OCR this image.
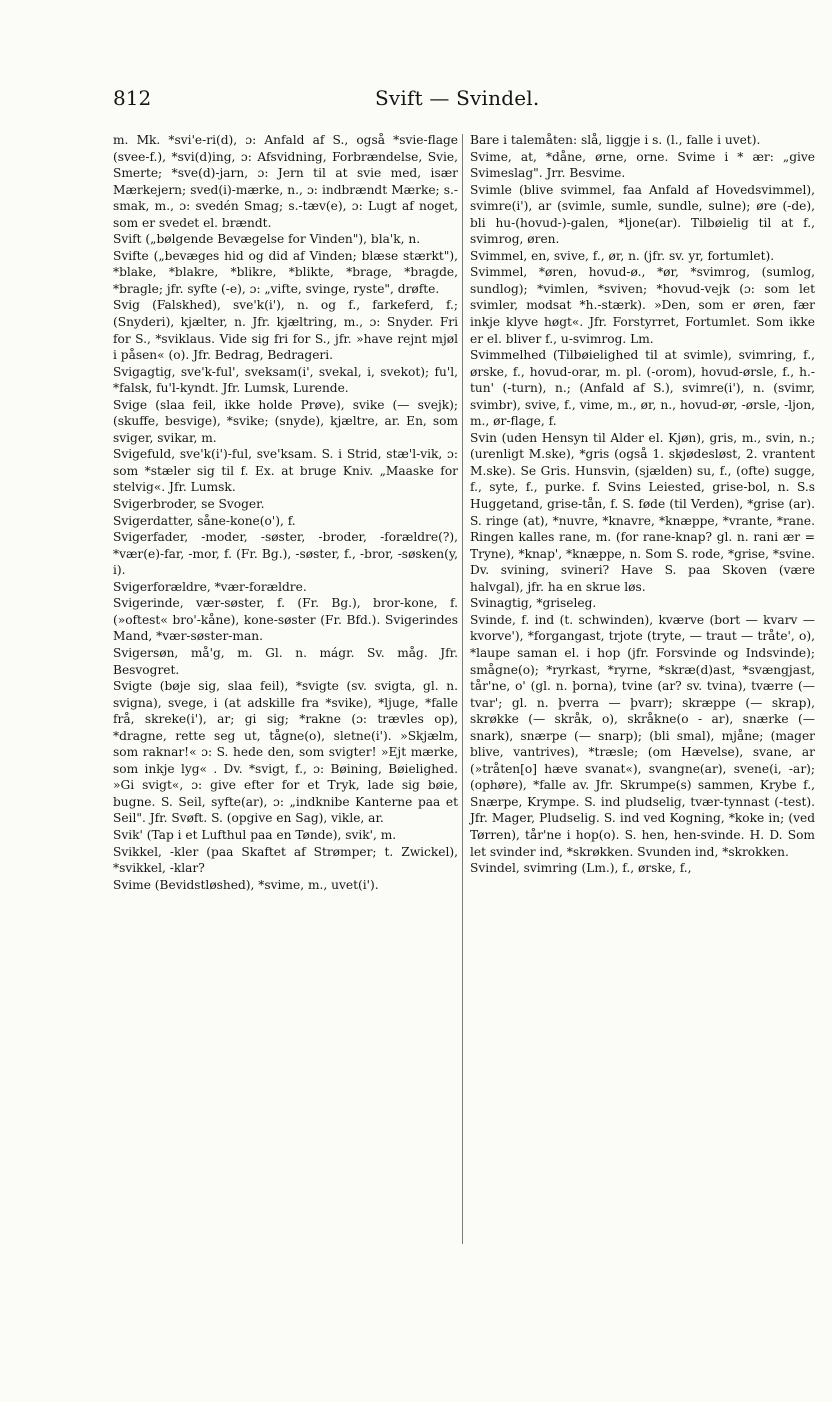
812	Svift — Svindel.

m. Mk. *svi'e-ri(d), ɔ: Anfald af S., også *svie-flage (svee-f.), *svi(d)ing, ɔ: Afsvidning, Forbrændelse, Svie, Smerte; *sve(d)-jarn, ɔ: Jern til at svie med, især Mærkejern; sved(i)-mærke, n., ɔ: indbrændt Mærke; s.-smak, m., ɔ: svedén Smag; s.-tæv(e), ɔ: Lugt af noget, som er svedet el. brændt.

Svift („bølgende Bevægelse for Vinden"), bla'k, n.

Svifte („bevæges hid og did af Vinden; blæse stærkt"), *blake, *blakre, *blikre, *blikte, *brage, *bragde, *bragle; jfr. syfte (-e), ɔ: „vifte, svinge, ryste", drøfte.

Svig (Falskhed), sve'k(i'), n. og f., farkeferd, f.; (Snyderi), kjælter, n. Jfr. kjæltring, m., ɔ: Snyder. Fri for S., *sviklaus. Vide sig fri for S., jfr. »have rejnt mjøl i påsen« (o). Jfr. Bedrag, Bedrageri.

Svigagtig, sve'k-ful', sveksam(i', svekal, i, svekot); fu'l, *falsk, fu'l-kyndt. Jfr. Lumsk, Lurende.

Svige (slaa feil, ikke holde Prøve), svike (— svejk); (skuffe, besvige), *svike; (snyde), kjæltre, ar. En, som sviger, svikar, m.

Svigefuld, sve'k(i')-ful, sve'ksam. S. i Strid, stæ'l-vik, ɔ: som *stæler sig til f. Ex. at bruge Kniv. „Maaske for stelvig«. Jfr. Lumsk.

Svigerbroder, se Svoger.

Svigerdatter, såne-kone(o'), f.

Svigerfader, -moder, -søster, -broder, -forældre(?), *vær(e)-far, -mor, f. (Fr. Bg.), -søster, f., -bror, -søsken(y, i).

Svigerforældre, *vær-forældre.

Svigerinde, vær-søster, f. (Fr. Bg.), bror-kone, f. (»oftest« bro'-kåne), kone-søster (Fr. Bfd.). Svigerindes Mand, *vær-søster-man.

Svigersøn, må'g, m. Gl. n. mágr. Sv. måg. Jfr. Besvogret.

Svigte (bøje sig, slaa feil), *svigte (sv. svigta, gl. n. svigna), svege, i (at adskille fra *svike), *ljuge, *falle frå, skreke(i'), ar; gi sig; *rakne (ɔ: trævles op), *dragne, rette seg ut, tågne(o), sletne(i'). »Skjælm, som raknar!« ɔ: S. hede den, som svigter! »Ejt mærke, som inkje lyg« . Dv. *svigt, f., ɔ: Bøining, Bøielighed. »Gi svigt«, ɔ: give efter for et Tryk, lade sig bøie, bugne. S. Seil, syfte(ar), ɔ: „indknibe Kanterne paa et Seil". Jfr. Svøft. S. (opgive en Sag), vikle, ar.

Svik' (Tap i et Lufthul paa en Tønde), svik', m.

Svikkel, -kler (paa Skaftet af Strømper; t. Zwickel), *svikkel, -klar?

Svime (Bevidstløshed), *svime, m., uvet(i').

Bare i talemåten: slå, liggje i s. (l., falle i uvet).

Svime, at, *dåne, ørne, orne. Svime i * ær: „give Svimeslag". Jrr. Besvime.

Svimle (blive svimmel, faa Anfald af Hovedsvimmel), svimre(i'), ar (svimle, sumle, sundle, sulne); øre (-de), bli hu-(hovud-)-galen, *ljone(ar). Tilbøielig til at f., svimrog, øren.

Svimmel, en, svive, f., ør, n. (jfr. sv. yr, fortumlet).

Svimmel, *øren, hovud-ø., *ør, *svimrog, (sumlog, sundlog); *vimlen, *sviven; *hovud-vejk (ɔ: som let svimler, modsat *h.-stærk). »Den, som er øren, fær inkje klyve høgt«. Jfr. Forstyrret, Fortumlet. Som ikke er el. bliver f., u-svimrog. Lm.

Svimmelhed (Tilbøielighed til at svimle), svimring, f., ørske, f., hovud-orar, m. pl. (-orom), hovud-ørsle, f., h.-tun' (-turn), n.; (Anfald af S.), svimre(i'), n. (svimr, svimbr), svive, f., vime, m., ør, n., hovud-ør, -ørsle, -ljon, m., ør-flage, f.

Svin (uden Hensyn til Alder el. Kjøn), gris, m., svin, n.; (urenligt M.ske), *gris (også 1. skjødesløst, 2. vrantent M.ske). Se Gris. Hunsvin, (sjælden) su, f., (ofte) sugge, f., syte, f., purke. f. Svins Leiested, grise-bol, n. S.s Huggetand, grise-tån, f. S. føde (til Verden), *grise (ar). S. ringe (at), *nuvre, *knavre, *knæppe, *vrante, *rane. Ringen kalles rane, m. (for rane-knap? gl. n. rani ær = Tryne), *knap', *knæppe, n. Som S. rode, *grise, *svine. Dv. svining, svineri? Have S. paa Skoven (være halvgal), jfr. ha en skrue løs.

Svinagtig, *griseleg.

Svinde, f. ind (t. schwinden), kværve (bort — kvarv — kvorve'), *forgangast, trjote (tryte, — traut — tråte', o), *laupe saman el. i hop (jfr. Forsvinde og Indsvinde); smågne(o); *ryrkast, *ryrne, *skræ(d)ast, *svængjast, tår'ne, o' (gl. n. þorna), tvine (ar? sv. tvina), tværre (— tvar'; gl. n. þverra — þvarr); skræppe (— skrap), skrøkke (— skråk, o), skråkne(o - ar), snærke (— snark), snærpe (— snarp); (bli smal), mjåne; (mager blive, vantrives), *træsle; (om Hævelse), svane, ar (»tråten[o] hæve svanat«), svangne(ar), svene(i, -ar); (ophøre), *falle av. Jfr. Skrumpe(s) sammen, Krybe f., Snærpe, Krympe. S. ind pludselig, tvær-tynnast (-test). Jfr. Mager, Pludselig. S. ind ved Kogning, *koke in; (ved Tørren), tår'ne i hop(o). S. hen, hen-svinde. H. D. Som let svinder ind, *skrøkken. Svunden ind, *skrokken.

Svindel, svimring (Lm.), f., ørske, f.,
